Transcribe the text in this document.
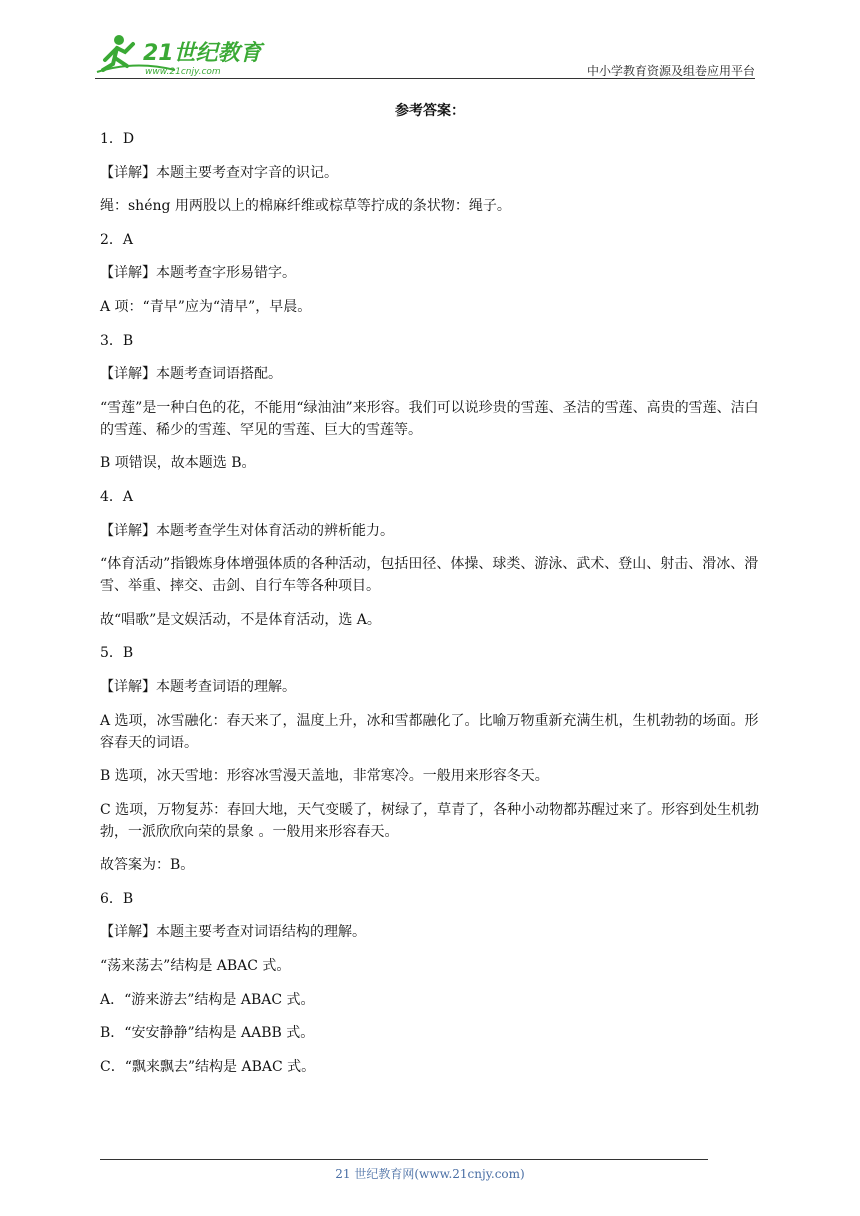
21世纪教育
www.21cnjy.com	中小学教育资源及组卷应用平台
参考答案：
1．D
【详解】本题主要考查对字音的识记。
绳：shéng 用两股以上的棉麻纤维或棕草等拧成的条状物：绳子。
2．A
【详解】本题考查字形易错字。
A 项：“青早”应为“清早”，早晨。
3．B
【详解】本题考查词语搭配。
“雪莲”是一种白色的花，不能用“绿油油”来形容。我们可以说珍贵的雪莲、圣洁的雪莲、高贵的雪莲、洁白的雪莲、稀少的雪莲、罕见的雪莲、巨大的雪莲等。
B 项错误，故本题选 B。
4．A
【详解】本题考查学生对体育活动的辨析能力。
“体育活动”指锻炼身体增强体质的各种活动，包括田径、体操、球类、游泳、武术、登山、射击、滑冰、滑雪、举重、摔交、击剑、自行车等各种项目。
故“唱歌”是文娱活动，不是体育活动，选 A。
5．B
【详解】本题考查词语的理解。
A 选项，冰雪融化：春天来了，温度上升，冰和雪都融化了。比喻万物重新充满生机，生机勃勃的场面。形容春天的词语。
B 选项，冰天雪地：形容冰雪漫天盖地，非常寒冷。一般用来形容冬天。
C 选项，万物复苏：春回大地，天气变暖了，树绿了，草青了，各种小动物都苏醒过来了。形容到处生机勃勃，一派欣欣向荣的景象 。一般用来形容春天。
故答案为：B。
6．B
【详解】本题主要考查对词语结构的理解。
“荡来荡去”结构是 ABAC 式。
A．“游来游去”结构是 ABAC 式。
B．“安安静静”结构是 AABB 式。
C．“飘来飘去”结构是 ABAC 式。
21 世纪教育网(www.21cnjy.com)
